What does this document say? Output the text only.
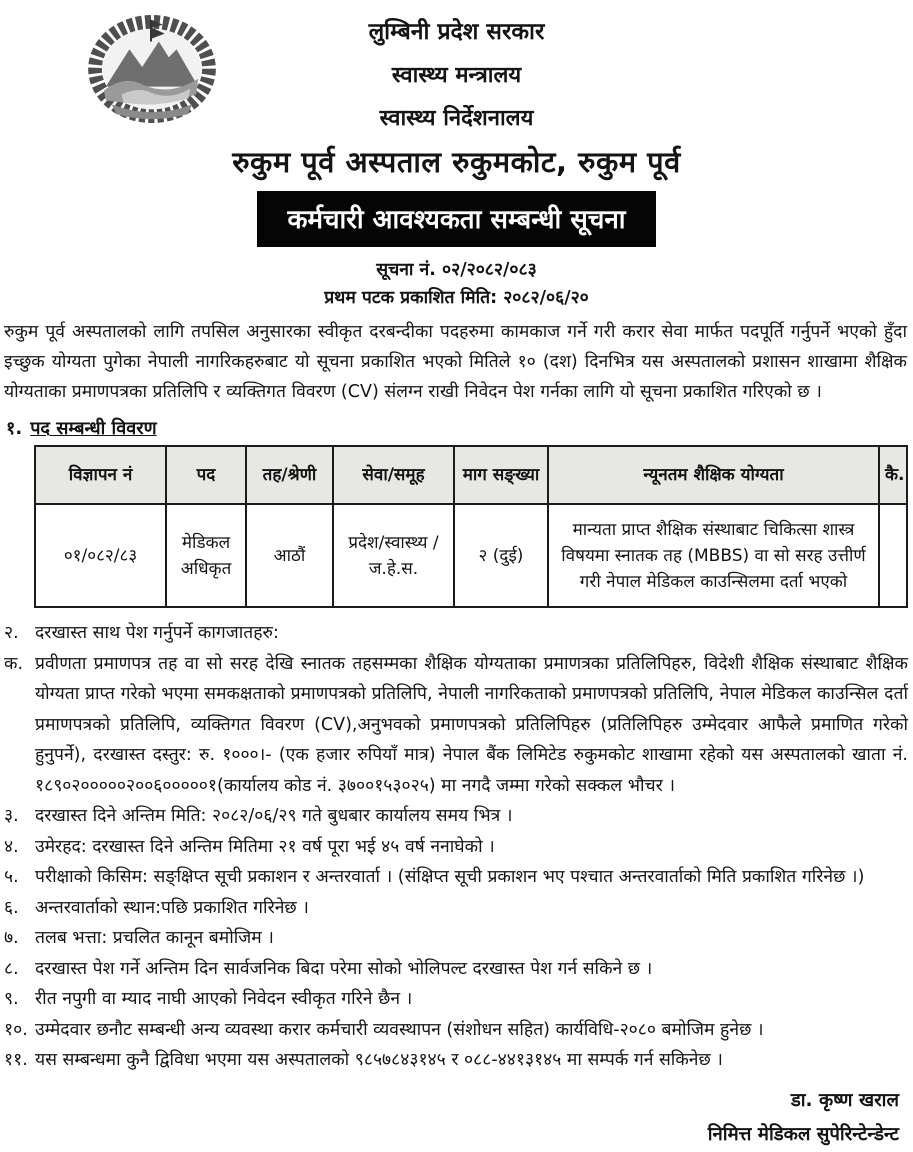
लुम्बिनी प्रदेश सरकार
स्वास्थ्य मन्त्रालय
स्वास्थ्य निर्देशनालय
रुकुम पूर्व अस्पताल रुकुमकोट, रुकुम पूर्व
कर्मचारी आवश्यकता सम्बन्धी सूचना
सूचना नं. ०२/२०८२/०८३
प्रथम पटक प्रकाशित मिति: २०८२/०६/२०
रुकुम पूर्व अस्पतालको लागि तपसिल अनुसारका स्वीकृत दरबन्दीका पदहरुमा कामकाज गर्ने गरी करार सेवा मार्फत पदपूर्ति गर्नुपर्ने भएको हुँदा इच्छुक योग्यता पुगेका नेपाली नागरिकहरुबाट यो सूचना प्रकाशित भएको मितिले १० (दश) दिनभित्र यस अस्पतालको प्रशासन शाखामा शैक्षिक योग्यताका प्रमाणपत्रका प्रतिलिपि र व्यक्तिगत विवरण (CV) संलग्न राखी निवेदन पेश गर्नका लागि यो सूचना प्रकाशित गरिएको छ ।
१. पद सम्बन्धी विवरण
विज्ञापन नं	पद	तह/श्रेणी	सेवा/समूह	माग सङ्ख्या	न्यूनतम शैक्षिक योग्यता	कै.
०१/०८२/८३	मेडिकल अधिकृत	आठौं	प्रदेश/स्वास्थ्य /ज.हे.स.	२ (दुई)	मान्यता प्राप्त शैक्षिक संस्थाबाट चिकित्सा शास्त्र विषयमा स्नातक तह (MBBS) वा सो सरह उत्तीर्ण गरी नेपाल मेडिकल काउन्सिलमा दर्ता भएको	
२. दरखास्त साथ पेश गर्नुपर्ने कागजातहरु:
क. प्रवीणता प्रमाणपत्र तह वा सो सरह देखि स्नातक तहसम्मका शैक्षिक योग्यताका प्रमाणत्रका प्रतिलिपिहरु, विदेशी शैक्षिक संस्थाबाट शैक्षिक योग्यता प्राप्त गरेको भएमा समकक्षताको प्रमाणपत्रको प्रतिलिपि, नेपाली नागरिकताको प्रमाणपत्रको प्रतिलिपि, नेपाल मेडिकल काउन्सिल दर्ता प्रमाणपत्रको प्रतिलिपि, व्यक्तिगत विवरण (CV),अनुभवको प्रमाणपत्रको प्रतिलिपिहरु (प्रतिलिपिहरु उम्मेदवार आफैले प्रमाणित गरेको हुनुपर्ने), दरखास्त दस्तुर: रु. १०००।- (एक हजार रुपियाँ मात्र) नेपाल बैंक लिमिटेड रुकुमकोट शाखामा रहेको यस अस्पतालको खाता नं. १८९०२०००००२००६०००००१(कार्यालय कोड नं. ३७००१५३०२५) मा नगदै जम्मा गरेको सक्कल भौचर ।
३. दरखास्त दिने अन्तिम मिति: २०८२/०६/२९ गते बुधबार कार्यालय समय भित्र ।
४. उमेरहद: दरखास्त दिने अन्तिम मितिमा २१ वर्ष पूरा भई ४५ वर्ष ननाघेको ।
५. परीक्षाको किसिम: सङ्क्षिप्त सूची प्रकाशन र अन्तरवार्ता । (संक्षिप्त सूची प्रकाशन भए पश्चात अन्तरवार्ताको मिति प्रकाशित गरिनेछ ।)
६. अन्तरवार्ताको स्थान:पछि प्रकाशित गरिनेछ ।
७. तलब भत्ता: प्रचलित कानून बमोजिम ।
८. दरखास्त पेश गर्ने अन्तिम दिन सार्वजनिक बिदा परेमा सोको भोलिपल्ट दरखास्त पेश गर्न सकिने छ ।
९. रीत नपुगी वा म्याद नाघी आएको निवेदन स्वीकृत गरिने छैन ।
१०. उम्मेदवार छनौट सम्बन्धी अन्य व्यवस्था करार कर्मचारी व्यवस्थापन (संशोधन सहित) कार्यविधि-२०८० बमोजिम हुनेछ ।
११. यस सम्बन्धमा कुनै द्विविधा भएमा यस अस्पतालको ९८५७८४३१४५ र ०८८-४४१३१४५ मा सम्पर्क गर्न सकिनेछ ।
डा. कृष्ण खराल
निमित्त मेडिकल सुपेरिन्टेन्डेन्ट
